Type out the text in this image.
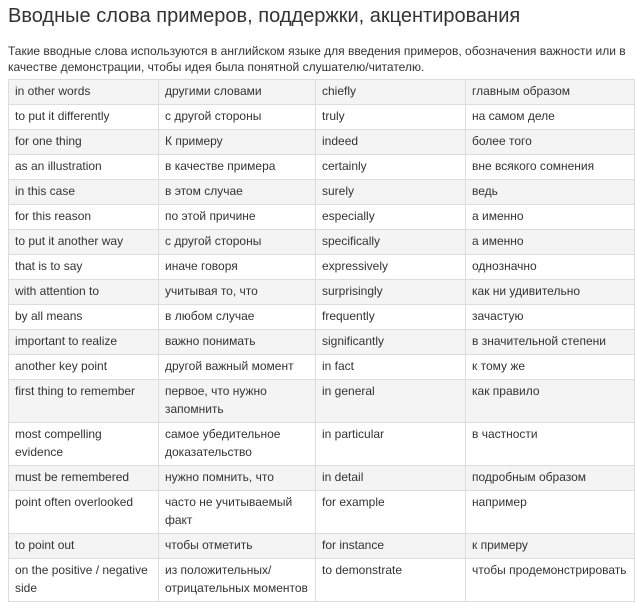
Вводные слова примеров, поддержки, акцентирования

Такие вводные слова используются в английском языке для введения примеров, обозначения важности или в качестве демонстрации, чтобы идея была понятной слушателю/читателю.

in other words	другими словами	chiefly	главным образом
to put it differently	с другой стороны	truly	на самом деле
for one thing	К примеру	indeed	более того
as an illustration	в качестве примера	certainly	вне всякого сомнения
in this case	в этом случае	surely	ведь
for this reason	по этой причине	especially	а именно
to put it another way	с другой стороны	specifically	а именно
that is to say	иначе говоря	expressively	однозначно
with attention to	учитывая то, что	surprisingly	как ни удивительно
by all means	в любом случае	frequently	зачастую
important to realize	важно понимать	significantly	в значительной степени
another key point	другой важный момент	in fact	к тому же
first thing to remember	первое, что нужно запомнить	in general	как правило
most compelling evidence	самое убедительное доказательство	in particular	в частности
must be remembered	нужно помнить, что	in detail	подробным образом
point often overlooked	часто не учитываемый факт	for example	например
to point out	чтобы отметить	for instance	к примеру
on the positive / negative side	из положительных/ отрицательных моментов	to demonstrate	чтобы продемонстрировать
